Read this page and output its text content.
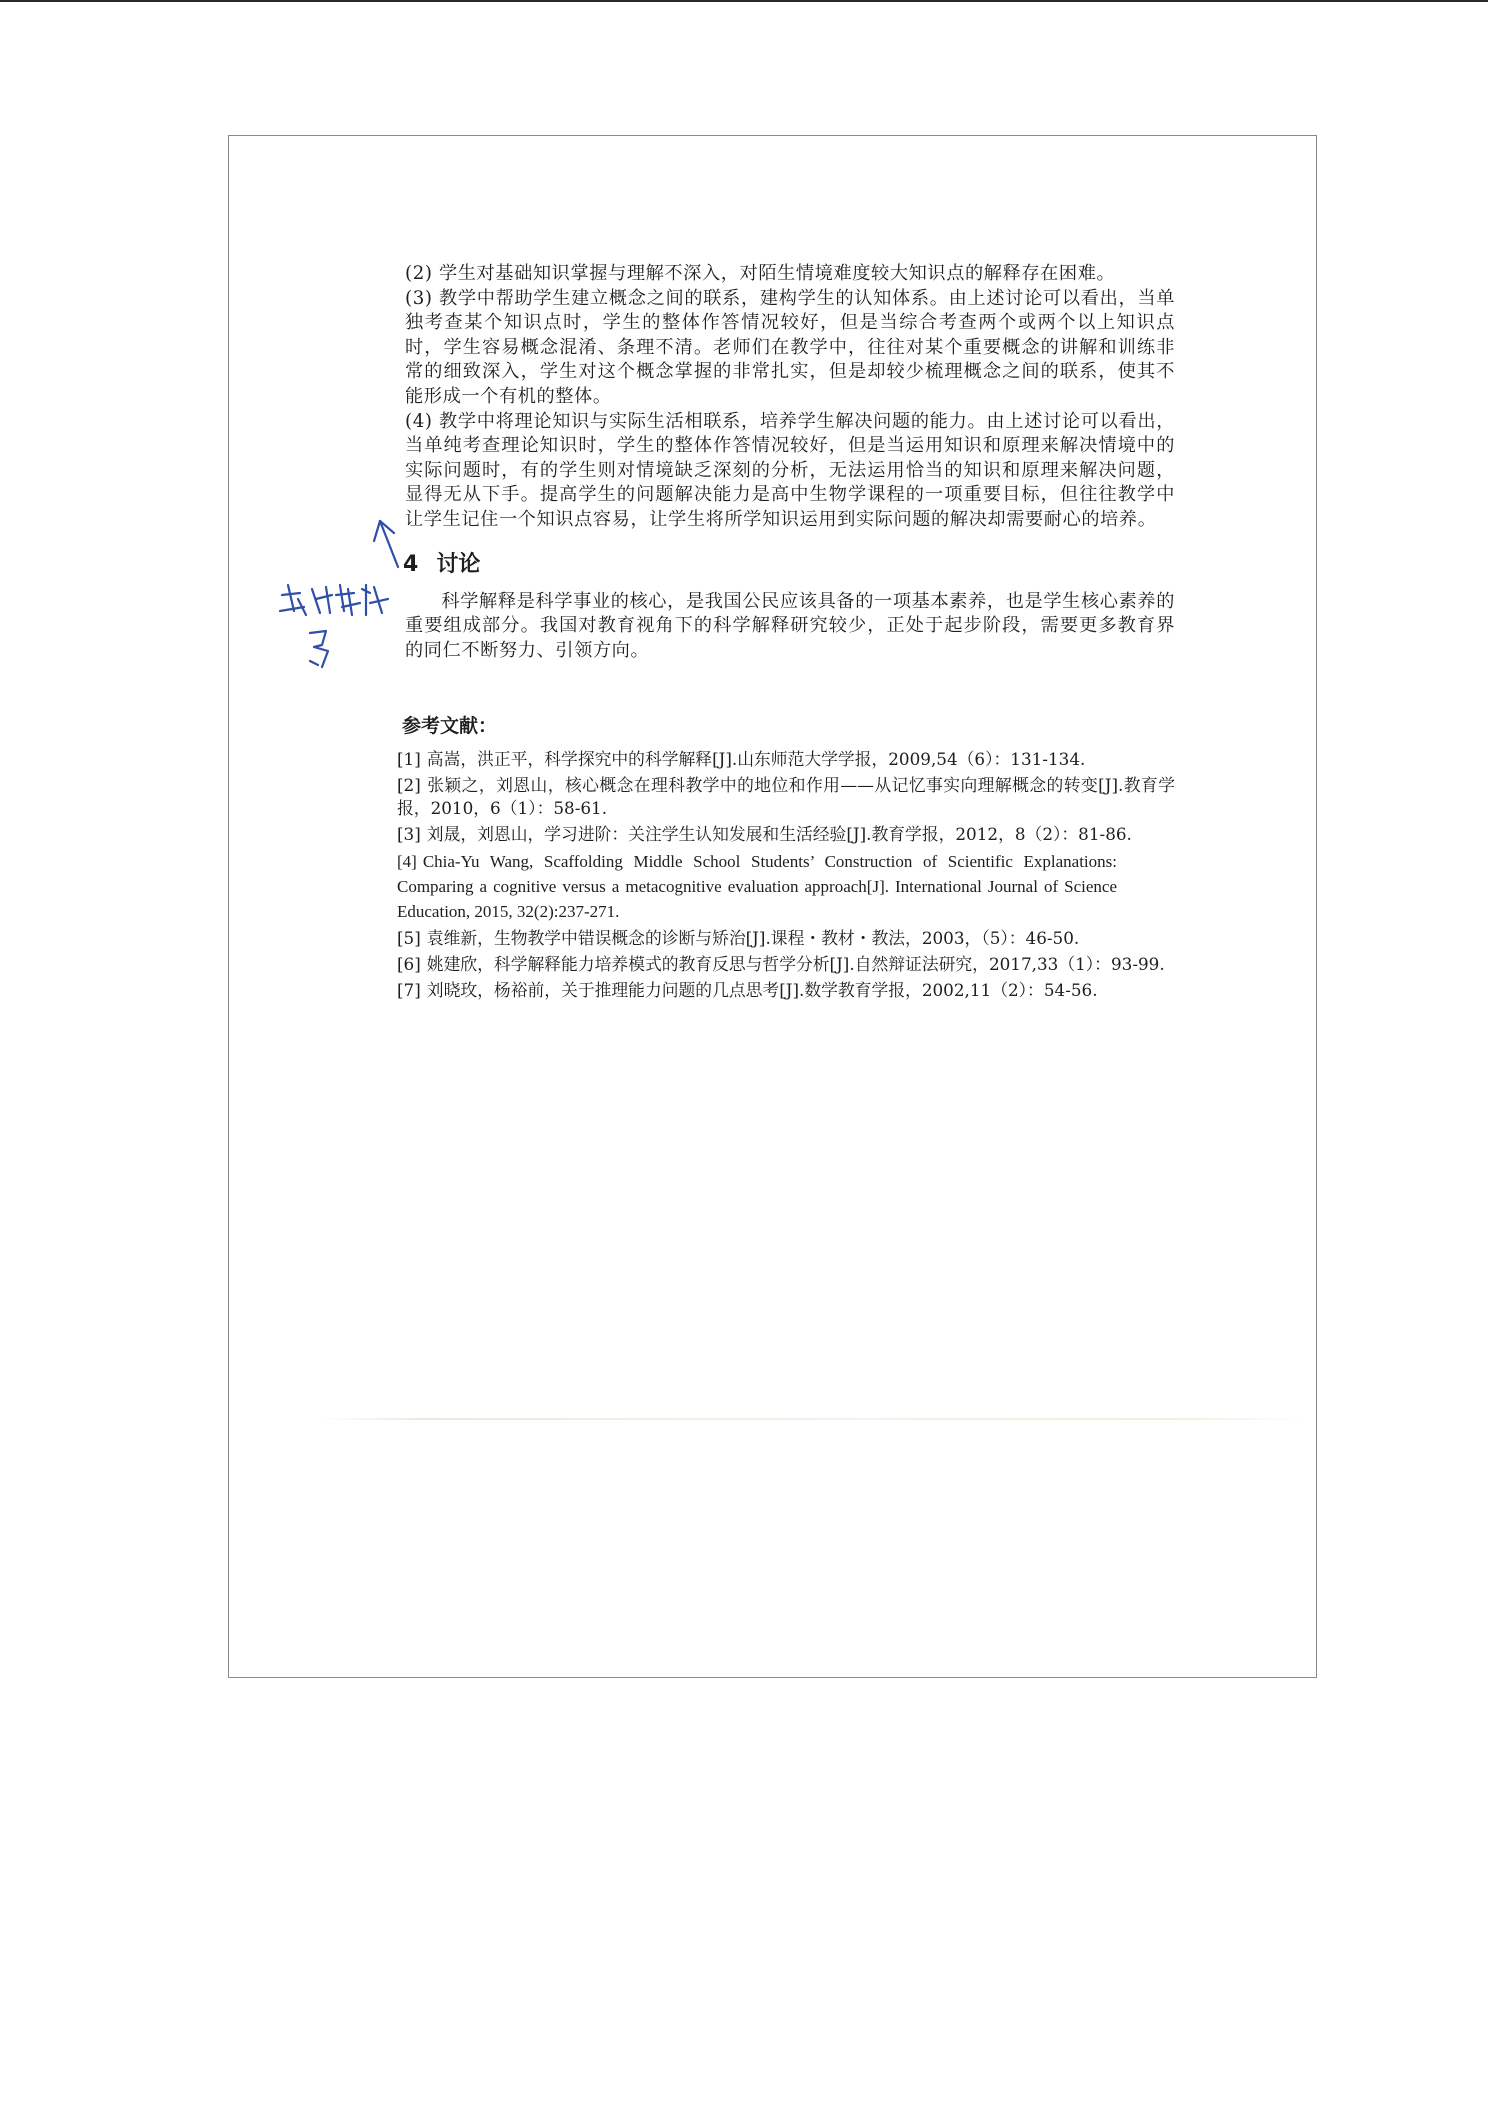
(2) 学生对基础知识掌握与理解不深入，对陌生情境难度较大知识点的解释存在困难。

(3) 教学中帮助学生建立概念之间的联系，建构学生的认知体系。由上述讨论可以看出，当单独考查某个知识点时，学生的整体作答情况较好，但是当综合考查两个或两个以上知识点时，学生容易概念混淆、条理不清。老师们在教学中，往往对某个重要概念的讲解和训练非常的细致深入，学生对这个概念掌握的非常扎实，但是却较少梳理概念之间的联系，使其不能形成一个有机的整体。

(4) 教学中将理论知识与实际生活相联系，培养学生解决问题的能力。由上述讨论可以看出，当单纯考查理论知识时，学生的整体作答情况较好，但是当运用知识和原理来解决情境中的实际问题时，有的学生则对情境缺乏深刻的分析，无法运用恰当的知识和原理来解决问题，显得无从下手。提高学生的问题解决能力是高中生物学课程的一项重要目标，但往往教学中让学生记住一个知识点容易，让学生将所学知识运用到实际问题的解决却需要耐心的培养。

4 讨论

科学解释是科学事业的核心，是我国公民应该具备的一项基本素养，也是学生核心素养的重要组成部分。我国对教育视角下的科学解释研究较少，正处于起步阶段，需要更多教育界的同仁不断努力、引领方向。

参考文献：
[1] 高嵩，洪正平，科学探究中的科学解释[J].山东师范大学学报，2009,54（6）：131-134.
[2] 张颖之，刘恩山，核心概念在理科教学中的地位和作用——从记忆事实向理解概念的转变[J].教育学报，2010，6（1）：58-61.
[3] 刘晟，刘恩山，学习进阶：关注学生认知发展和生活经验[J].教育学报，2012，8（2）：81-86.
[4] Chia-Yu Wang, Scaffolding Middle School Students’ Construction of Scientific Explanations: Comparing a cognitive versus a metacognitive evaluation approach[J]. International Journal of Science Education, 2015, 32(2):237-271.
[5] 袁维新，生物教学中错误概念的诊断与矫治[J].课程・教材・教法，2003，（5）：46-50.
[6] 姚建欣，科学解释能力培养模式的教育反思与哲学分析[J].自然辩证法研究，2017,33（1）：93-99.
[7] 刘晓玫，杨裕前，关于推理能力问题的几点思考[J].数学教育学报，2002,11（2）：54-56.
